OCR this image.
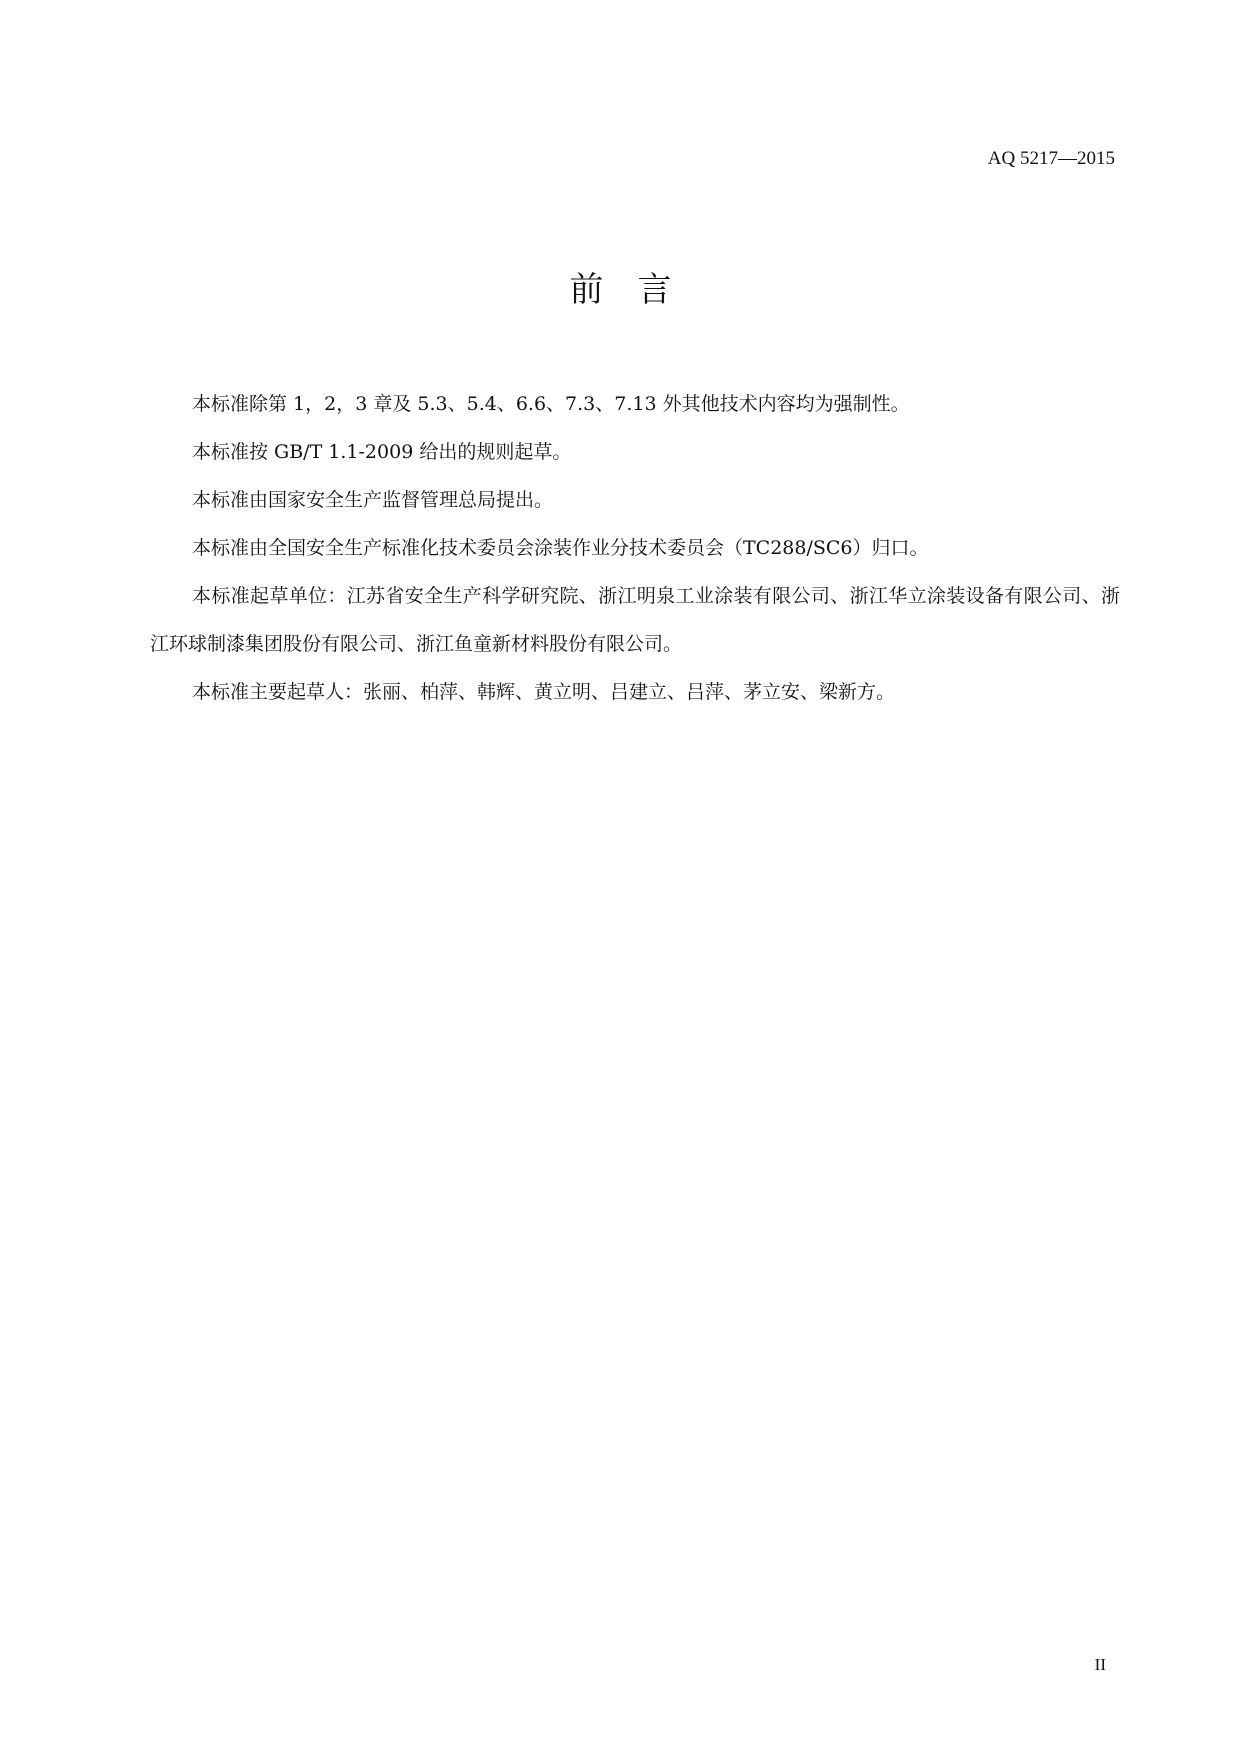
AQ 5217—2015
前言

本标准除第 1，2，3 章及 5.3、5.4、6.6、7.3、7.13 外其他技术内容均为强制性。

本标准按 GB/T 1.1-2009 给出的规则起草。

本标准由国家安全生产监督管理总局提出。

本标准由全国安全生产标准化技术委员会涂装作业分技术委员会（TC288/SC6）归口。

本标准起草单位：江苏省安全生产科学研究院、浙江明泉工业涂装有限公司、浙江华立涂装设备有限公司、浙江环球制漆集团股份有限公司、浙江鱼童新材料股份有限公司。

本标准主要起草人：张丽、柏萍、韩辉、黄立明、吕建立、吕萍、茅立安、梁新方。

II
